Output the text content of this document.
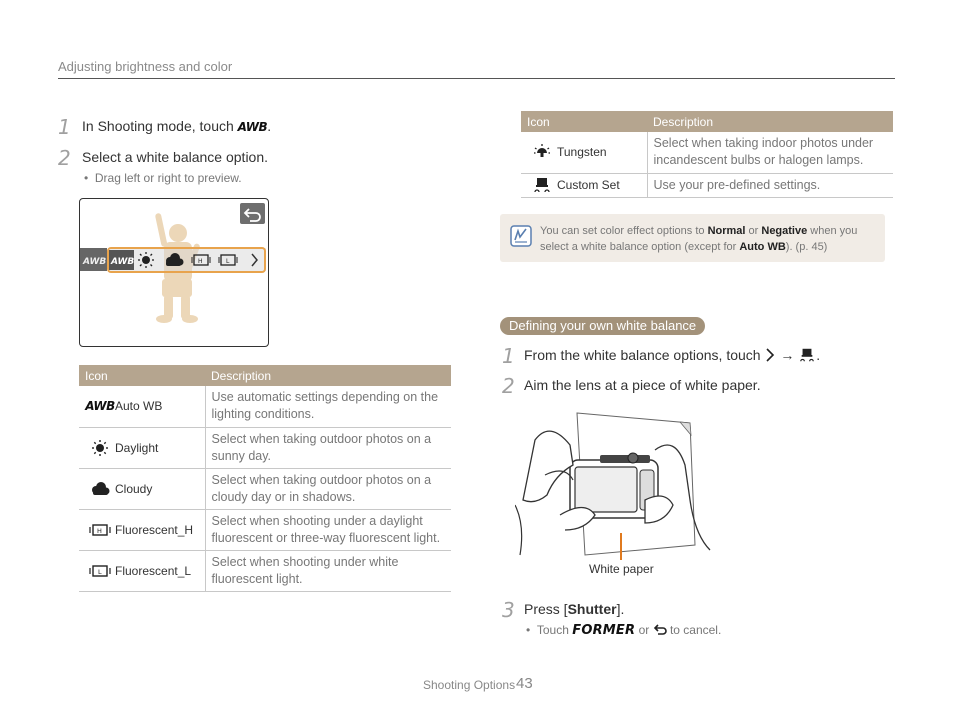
Adjusting brightness and color
1 In Shooting mode, touch AWB.
2 Select a white balance option.
•  Drag left or right to preview.
AWB AWB	H	L
Icon	Description

AWB Auto WB	Use automatic settings depending on the lighting conditions.

Daylight	Select when taking outdoor photos on a sunny day.

Cloudy	Select when taking outdoor photos on a cloudy day or in shadows.

H Fluorescent_H	Select when shooting under a daylight fluorescent or three-way fluorescent light.

L Fluorescent_L	Select when shooting under white fluorescent light.
Icon	Description

Tungsten	Select when taking indoor photos under incandescent bulbs or halogen lamps.

Custom Set	Use your pre-defined settings.
You can set color effect options to Normal or Negative when you select a white balance option (except for Auto WB). (p. 45)
Defining your own white balance
1 From the white balance options, touch → .
2 Aim the lens at a piece of white paper.
White paper
3 Press [Shutter].
•  Touch FORMER or to cancel.
Shooting Options 43
